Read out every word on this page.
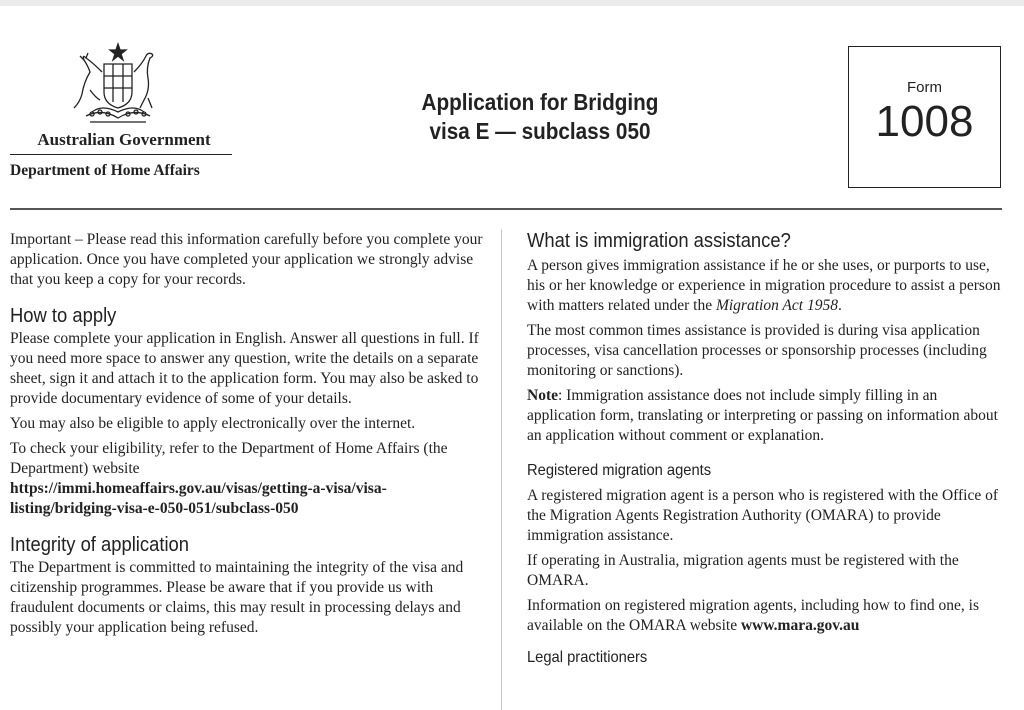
Australian Government
Department of Home Affairs
Application for Bridging
visa E — subclass 050
Form
1008

Important – Please read this information carefully before you complete your application. Once you have completed your application we strongly advise that you keep a copy for your records.

How to apply

Please complete your application in English. Answer all questions in full. If you need more space to answer any question, write the details on a separate sheet, sign it and attach it to the application form. You may also be asked to provide documentary evidence of some of your details.

You may also be eligible to apply electronically over the internet.

To check your eligibility, refer to the Department of Home Affairs (the Department) website

https://immi.homeaffairs.gov.au/visas/getting-a-visa/visa-listing/bridging-visa-e-050-051/subclass-050

Integrity of application

The Department is committed to maintaining the integrity of the visa and citizenship programmes. Please be aware that if you provide us with fraudulent documents or claims, this may result in processing delays and possibly your application being refused.

What is immigration assistance?

A person gives immigration assistance if he or she uses, or purports to use, his or her knowledge or experience in migration procedure to assist a person with matters related under the Migration Act 1958.

The most common times assistance is provided is during visa application processes, visa cancellation processes or sponsorship processes (including monitoring or sanctions).

Note: Immigration assistance does not include simply filling in an application form, translating or interpreting or passing on information about an application without comment or explanation.

Registered migration agents

A registered migration agent is a person who is registered with the Office of the Migration Agents Registration Authority (OMARA) to provide immigration assistance.

If operating in Australia, migration agents must be registered with the OMARA.

Information on registered migration agents, including how to find one, is available on the OMARA website www.mara.gov.au

Legal practitioners
